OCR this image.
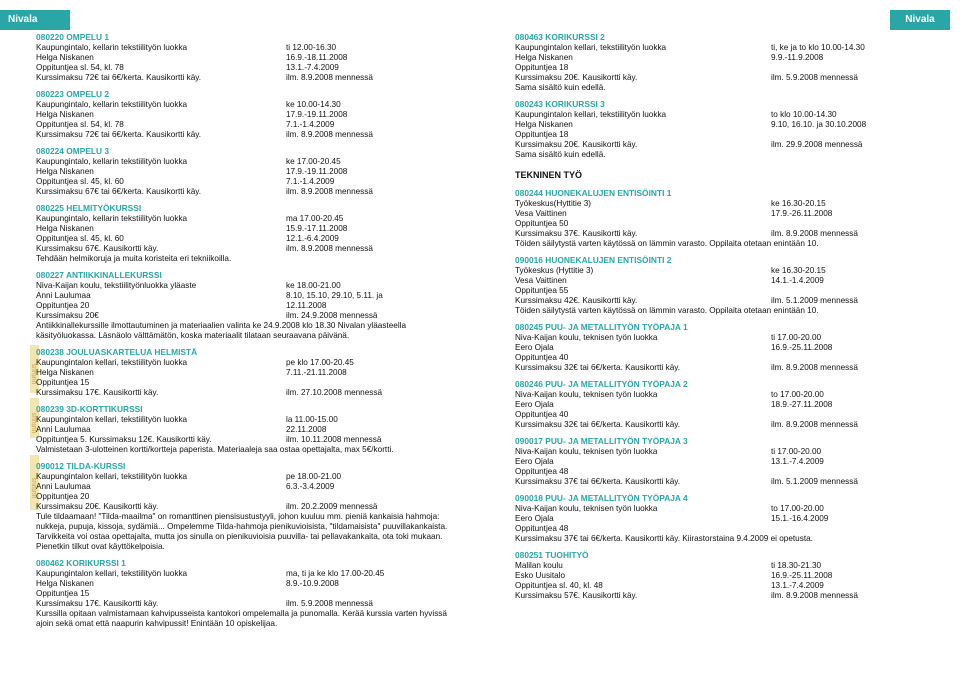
Nivala
uutuus
uutuus
uutuus
080220 OMPELU 1
Kaupungintalo, kellarin tekstiilityön luokka	ti 12.00-16.30
Helga Niskanen	16.9.-18.11.2008
Oppituntjea sl. 54, kl. 78	13.1.-7.4.2009
Kurssimaksu 72€ tai 6€/kerta. Kausikortti käy.	ilm. 8.9.2008 mennessä
080223 OMPELU 2
Kaupungintalo, kellarin tekstiilityön luokka	ke 10.00-14.30
Helga Niskanen	17.9.-19.11.2008
Oppituntjea sl. 54, kl. 78	7.1.-1.4.2009
Kurssimaksu 72€ tai 6€/kerta. Kausikortti käy.	ilm. 8.9.2008 mennessä
080224 OMPELU 3
Kaupungintalo, kellarin tekstiilityön luokka	ke 17.00-20.45
Helga Niskanen	17.9.-19.11.2008
Oppituntjea sl. 45, kl. 60	7.1.-1.4.2009
Kurssimaksu 67€ tai 6€/kerta. Kausikortti käy.	ilm. 8.9.2008 mennessä
080225 HELMITYÖKURSSI
Kaupungintalo, kellarin tekstiilityön luokka	ma 17.00-20.45
Helga Niskanen	15.9.-17.11.2008
Oppituntjea sl. 45, kl. 60	12.1.-6.4.2009
Kurssimaksu 67€. Kausikortti käy.	ilm. 8.9.2008 mennessä
Tehdään helmikoruja ja muita koristeita eri tekniikoilla.
080227 ANTIIKKINALLEKURSSI
Niva-Kaijan koulu, tekstiilityönluokka yläaste	ke 18.00-21.00
Anni Laulumaa	8.10, 15.10, 29.10, 5.11. ja
Oppituntjea 20	12.11.2008
Kurssimaksu 20€	ilm. 24.9.2008 mennessä
Antiikkinallekurssille ilmottautuminen ja materiaalien valinta ke 24.9.2008 klo 18.30 Nivalan yläasteella käsityöluokassa. Läsnäolo välttämätön, koska materiaalit tilataan seuraavana päivänä.
080238 JOULUASKARTELUA HELMISTÄ
Kaupungintalon kellari, tekstiilityön luokka	pe klo 17.00-20.45
Helga Niskanen	7.11.-21.11.2008
Oppituntjea 15
Kurssimaksu 17€. Kausikortti käy.	ilm. 27.10.2008 mennessä
080239 3D-KORTTIKURSSI
Kaupungintalon kellari, tekstiilityön luokka	la 11.00-15.00
Anni Laulumaa	22.11.2008
Oppituntjea 5. Kurssimaksu 12€. Kausikortti käy.	ilm. 10.11.2008 mennessä
Valmistetaan 3-ulotteinen kortti/kortteja paperista. Materiaaleja saa ostaa opettajalta, max 5€/kortti.
090012 TILDA-KURSSI
Kaupungintalon kellari, tekstiilityön luokka	pe 18.00-21.00
Anni Laulumaa	6.3.-3.4.2009
Oppituntjea 20
Kurssimaksu 20€. Kausikortti käy.	ilm. 20.2.2009 mennessä
Tule tildaamaan! "Tilda-maailma" on romanttinen piensisustustyyli, johon kuuluu mm. pieniä kankaisia hahmoja: nukkeja, pupuja, kissoja, sydämiä... Ompelemme Tilda-hahmoja pienikuvioisista, "tildamaisista" puuvillakankaista. Tarvikkeita voi ostaa opettajalta, mutta jos sinulla on pienikuvioisia puuvilla- tai pellavakankaita, ota toki mukaan. Pienetkin tilkut ovat käyttökelpoisia.
080462 KORIKURSSI 1
Kaupungintalon kellari, tekstiilityön luokka	ma, ti ja ke klo 17.00-20.45
Helga Niskanen	8.9.-10.9.2008
Oppituntjea 15
Kurssimaksu 17€. Kausikortti käy.	ilm. 5.9.2008 mennessä
Kurssilla opitaan valmistamaan kahvipusseista kantokori ompelemalla ja punomalla. Kerää kurssia varten hyvissä ajoin sekä omat että naapurin kahvipussit! Enintään 10 opiskelijaa.
Nivala
080463 KORIKURSSI 2
Kaupungintalon kellari, tekstiilityön luokka	ti, ke ja to klo 10.00-14.30
Helga Niskanen	9.9.-11.9.2008
Oppituntjea 18
Kurssimaksu 20€. Kausikortti käy.	ilm. 5.9.2008 mennessä
Sama sisältö kuin edellä.
080243 KORIKURSSI 3
Kaupungintalon kellari, tekstiilityön luokka	to klo 10.00-14.30
Helga Niskanen	9.10, 16.10. ja 30.10.2008
Oppituntjea 18
Kurssimaksu 20€. Kausikortti käy.	ilm. 29.9.2008 mennessä
Sama sisältö kuin edellä.
TEKNINEN TYÖ
080244 HUONEKALUJEN ENTISÖINTI 1
Työkeskus(Hyttitie 3)	ke 16.30-20.15
Vesa Vaittinen	17.9.-26.11.2008
Oppituntjea 50
Kurssimaksu 37€. Kausikortti käy.	ilm. 8.9.2008 mennessä
Töiden säilytystä varten käytössä on lämmin varasto. Oppilaita otetaan enintään 10.
090016 HUONEKALUJEN ENTISÖINTI 2
Työkeskus (Hyttitie 3)	ke 16.30-20.15
Vesa Vaittinen	14.1.-1.4.2009
Oppituntjea 55
Kurssimaksu 42€. Kausikortti käy.	ilm. 5.1.2009 mennessä
Töiden säilytystä varten käytössä on lämmin varasto. Oppilaita otetaan enintään 10.
080245 PUU- JA METALLITYÖN TYÖPAJA 1
Niva-Kaijan koulu, teknisen työn luokka	ti 17.00-20.00
Eero Ojala	16.9.-25.11.2008
Oppituntjea 40
Kurssimaksu 32€ tai 6€/kerta. Kausikortti käy.	ilm. 8.9.2008 mennessä
080246 PUU- JA METALLITYÖN TYÖPAJA 2
Niva-Kaijan koulu, teknisen työn luokka	to 17.00-20.00
Eero Ojala	18.9.-27.11.2008
Oppituntjea 40
Kurssimaksu 32€ tai 6€/kerta. Kausikortti käy.	ilm. 8.9.2008 mennessä
090017 PUU- JA METALLITYÖN TYÖPAJA 3
Niva-Kaijan koulu, teknisen työn luokka	ti 17.00-20.00
Eero Ojala	13.1.-7.4.2009
Oppituntjea 48
Kurssimaksu 37€ tai 6€/kerta. Kausikortti käy.	ilm. 5.1.2009 mennessä
090018 PUU- JA METALLITYÖN TYÖPAJA 4
Niva-Kaijan koulu, teknisen työn luokka	to 17.00-20.00
Eero Ojala	15.1.-16.4.2009
Oppituntjea 48
Kurssimaksu 37€ tai 6€/kerta. Kausikortti käy. Kiirastorstaina 9.4.2009 ei opetusta.
080251 TUOHITYÖ
Malilan koulu	ti 18.30-21.30
Esko Uusitalo	16.9.-25.11.2008
Oppituntjea sl. 40, kl. 48	13.1.-7.4.2009
Kurssimaksu 57€. Kausikortti käy.	ilm. 8.9.2008 mennessä
